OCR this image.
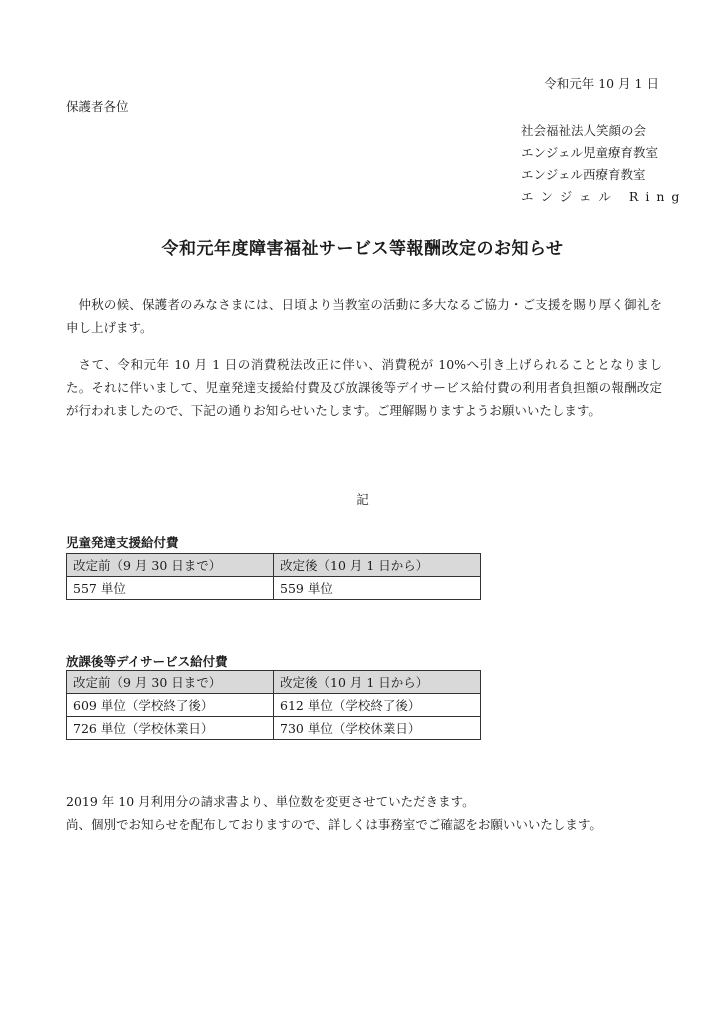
令和元年 10 月 1 日
保護者各位
社会福祉法人笑顔の会
エンジェル児童療育教室
エンジェル西療育教室
エンジェル Ring
令和元年度障害福祉サービス等報酬改定のお知らせ
仲秋の候、保護者のみなさまには、日頃より当教室の活動に多大なるご協力・ご支援を賜り厚く御礼を申し上げます。
さて、令和元年 10 月 1 日の消費税法改正に伴い、消費税が 10%へ引き上げられることとなりました。それに伴いまして、児童発達支援給付費及び放課後等デイサービス給付費の利用者負担額の報酬改定が行われましたので、下記の通りお知らせいたします。ご理解賜りますようお願いいたします。
記
児童発達支援給付費
改定前（9 月 30 日まで）	改定後（10 月 1 日から）
557 単位	559 単位
放課後等デイサービス給付費
改定前（9 月 30 日まで）	改定後（10 月 1 日から）
609 単位（学校終了後）	612 単位（学校終了後）
726 単位（学校休業日）	730 単位（学校休業日）
2019 年 10 月利用分の請求書より、単位数を変更させていただきます。
尚、個別でお知らせを配布しておりますので、詳しくは事務室でご確認をお願いいいたします。
